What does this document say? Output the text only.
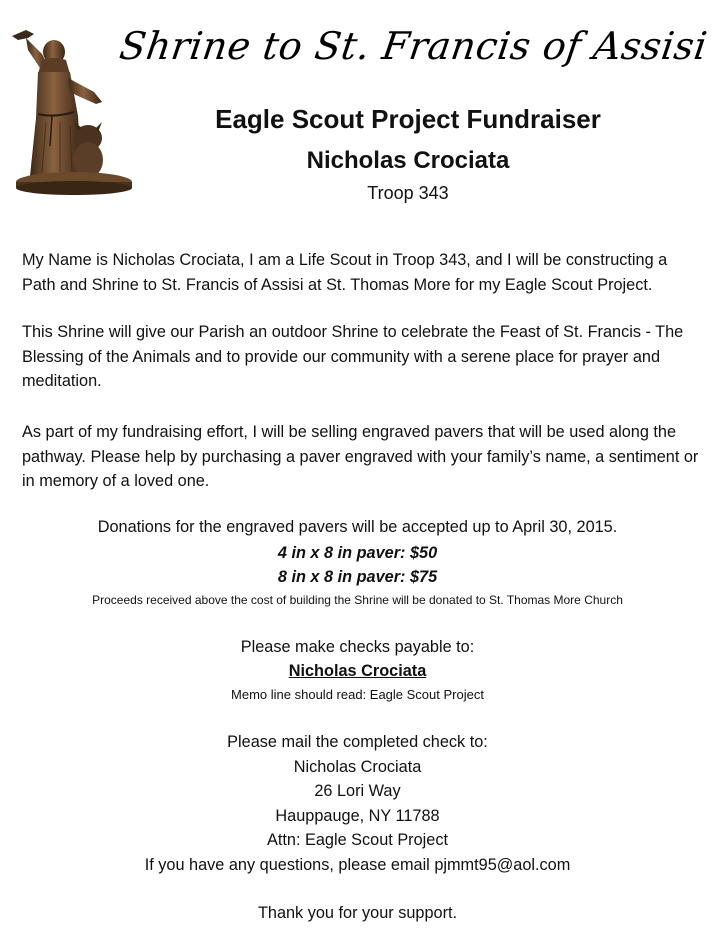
Shrine to St. Francis of Assisi
Eagle Scout Project Fundraiser
Nicholas Crociata
Troop 343
My Name is Nicholas Crociata, I am a Life Scout in Troop 343, and I will be constructing a Path and Shrine to St. Francis of Assisi at St. Thomas More for my Eagle Scout Project.
This Shrine will give our Parish an outdoor Shrine to celebrate the Feast of St. Francis - The Blessing of the Animals and to provide our community with a serene place for prayer and meditation.
As part of my fundraising effort, I will be selling engraved pavers that will be used along the pathway. Please help by purchasing a paver engraved with your family’s name, a sentiment or in memory of a loved one.
Donations for the engraved pavers will be accepted up to April 30, 2015.
4 in x 8 in paver: $50
8 in x 8 in paver: $75
Proceeds received above the cost of building the Shrine will be donated to St. Thomas More Church
Please make checks payable to:
Nicholas Crociata
Memo line should read: Eagle Scout Project
Please mail the completed check to:
Nicholas Crociata
26 Lori Way
Hauppauge, NY 11788
Attn: Eagle Scout Project
If you have any questions, please email pjmmt95@aol.com
Thank you for your support.
